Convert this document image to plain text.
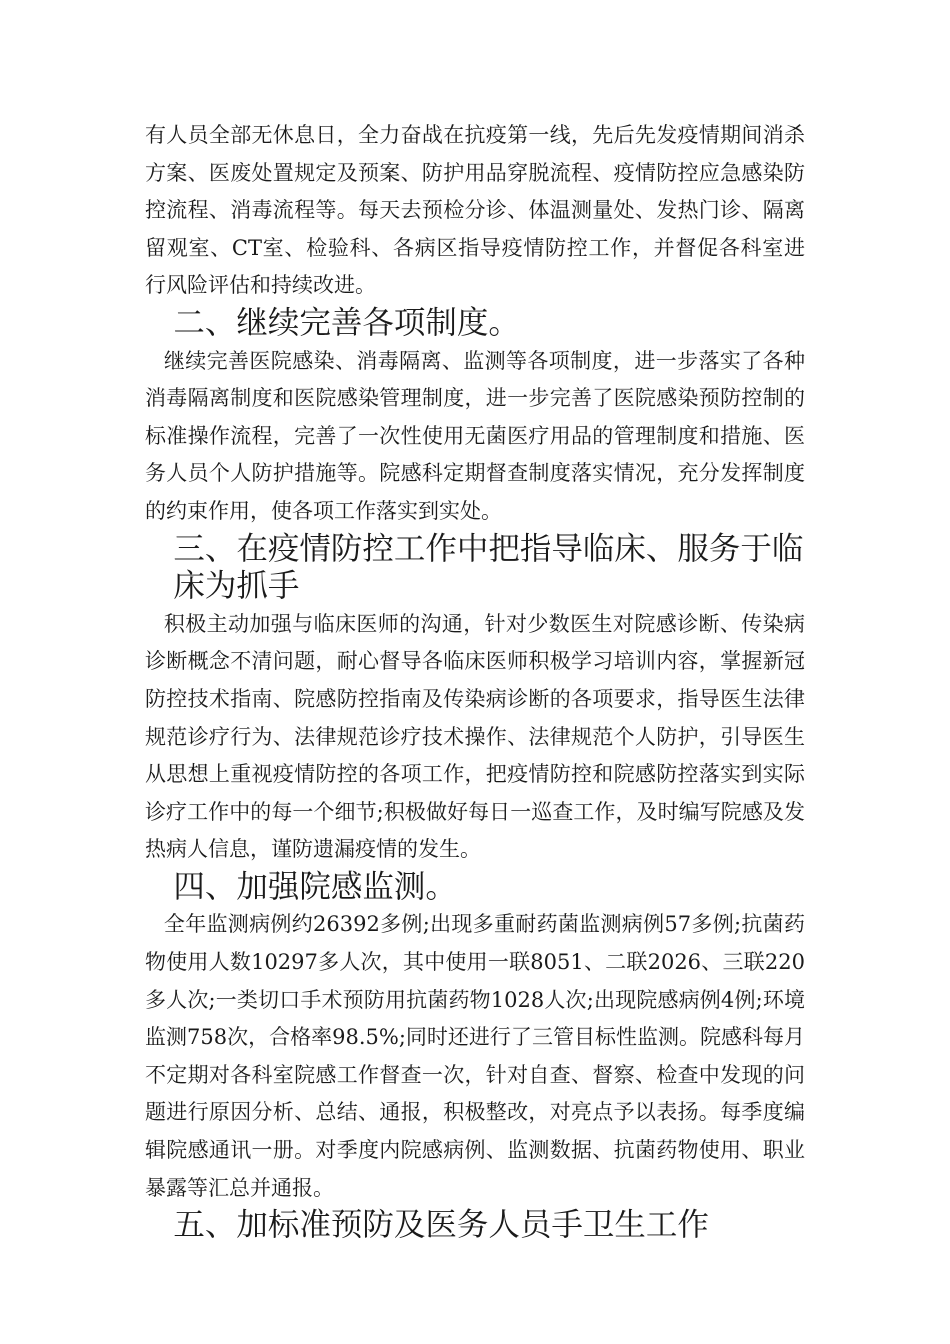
有人员全部无休息日，全力奋战在抗疫第一线，先后先发疫情期间消杀方案、医废处置规定及预案、防护用品穿脱流程、疫情防控应急感染防控流程、消毒流程等。每天去预检分诊、体温测量处、发热门诊、隔离留观室、CT室、检验科、各病区指导疫情防控工作，并督促各科室进行风险评估和持续改进。

二、继续完善各项制度。

继续完善医院感染、消毒隔离、监测等各项制度，进一步落实了各种消毒隔离制度和医院感染管理制度，进一步完善了医院感染预防控制的标准操作流程，完善了一次性使用无菌医疗用品的管理制度和措施、医务人员个人防护措施等。院感科定期督查制度落实情况，充分发挥制度的约束作用，使各项工作落实到实处。

三、在疫情防控工作中把指导临床、服务于临床为抓手

积极主动加强与临床医师的沟通，针对少数医生对院感诊断、传染病诊断概念不清问题，耐心督导各临床医师积极学习培训内容，掌握新冠防控技术指南、院感防控指南及传染病诊断的各项要求，指导医生法律规范诊疗行为、法律规范诊疗技术操作、法律规范个人防护，引导医生从思想上重视疫情防控的各项工作，把疫情防控和院感防控落实到实际诊疗工作中的每一个细节;积极做好每日一巡查工作，及时编写院感及发热病人信息，谨防遗漏疫情的发生。

四、加强院感监测。

全年监测病例约26392多例;出现多重耐药菌监测病例57多例;抗菌药物使用人数10297多人次，其中使用一联8051、二联2026、三联220多人次;一类切口手术预防用抗菌药物1028人次;出现院感病例4例;环境监测758次，合格率98.5%;同时还进行了三管目标性监测。院感科每月不定期对各科室院感工作督查一次，针对自查、督察、检查中发现的问题进行原因分析、总结、通报，积极整改，对亮点予以表扬。每季度编辑院感通讯一册。对季度内院感病例、监测数据、抗菌药物使用、职业暴露等汇总并通报。

五、加标准预防及医务人员手卫生工作
